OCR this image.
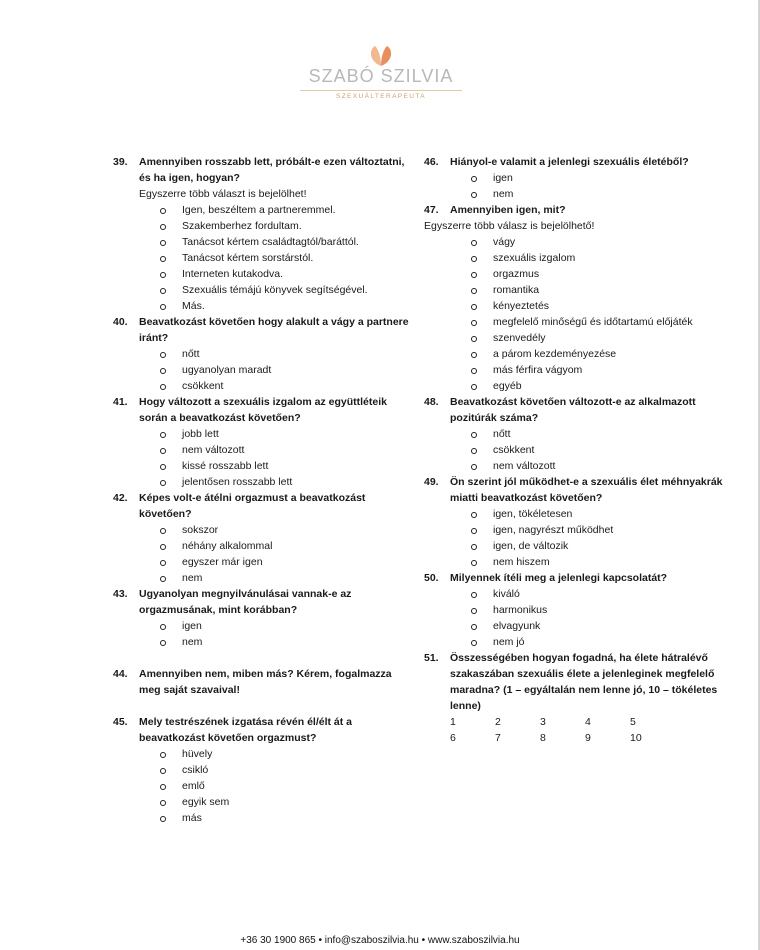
SZABÓ SZILVIA
SZEXUÁLTERAPEUTA
39. Amennyiben rosszabb lett, próbált-e ezen változtatni, és ha igen, hogyan?
Egyszerre több választ is bejelölhet!
Igen, beszéltem a partneremmel.
Szakemberhez fordultam.
Tanácsot kértem családtagtól/baráttól.
Tanácsot kértem sorstárstól.
Interneten kutakodva.
Szexuális témájú könyvek segítségével.
Más.
40. Beavatkozást követően hogy alakult a vágy a partnere iránt?
nőtt
ugyanolyan maradt
csökkent
41. Hogy változott a szexuális izgalom az együttléteik során a beavatkozást követően?
jobb lett
nem változott
kissé rosszabb lett
jelentősen rosszabb lett
42. Képes volt-e átélni orgazmust a beavatkozást követően?
sokszor
néhány alkalommal
egyszer már igen
nem
43. Ugyanolyan megnyilvánulásai vannak-e az orgazmusának, mint korábban?
igen
nem
44. Amennyiben nem, miben más? Kérem, fogalmazza meg saját szavaival!
45. Mely testrészének izgatása révén él/élt át a beavatkozást követően orgazmust?
hüvely
csikló
emlő
egyik sem
más
46. Hiányol-e valamit a jelenlegi szexuális életéből?
igen
nem
47. Amennyiben igen, mit?
Egyszerre több válasz is bejelölhető!
vágy
szexuális izgalom
orgazmus
romantika
kényeztetés
megfelelő minőségű és időtartamú előjáték
szenvedély
a párom kezdeményezése
más férfira vágyom
egyéb
48. Beavatkozást követően változott-e az alkalmazott pozitúrák száma?
nőtt
csökkent
nem változott
49. Ön szerint jól működhet-e a szexuális élet méhnyakrák miatti beavatkozást követően?
igen, tökéletesen
igen, nagyrészt működhet
igen, de változik
nem hiszem
50. Milyennek ítéli meg a jelenlegi kapcsolatát?
kiváló
harmonikus
elvagyunk
nem jó
51. Összességében hogyan fogadná, ha élete hátralévő szakaszában szexuális élete a jelenleginek megfelelő maradna? (1 – egyáltalán nem lenne jó, 10 – tökéletes lenne)
1	2	3	4	5
6	7	8	9	10
+36 30 1900 865 • info@szaboszilvia.hu • www.szaboszilvia.hu
